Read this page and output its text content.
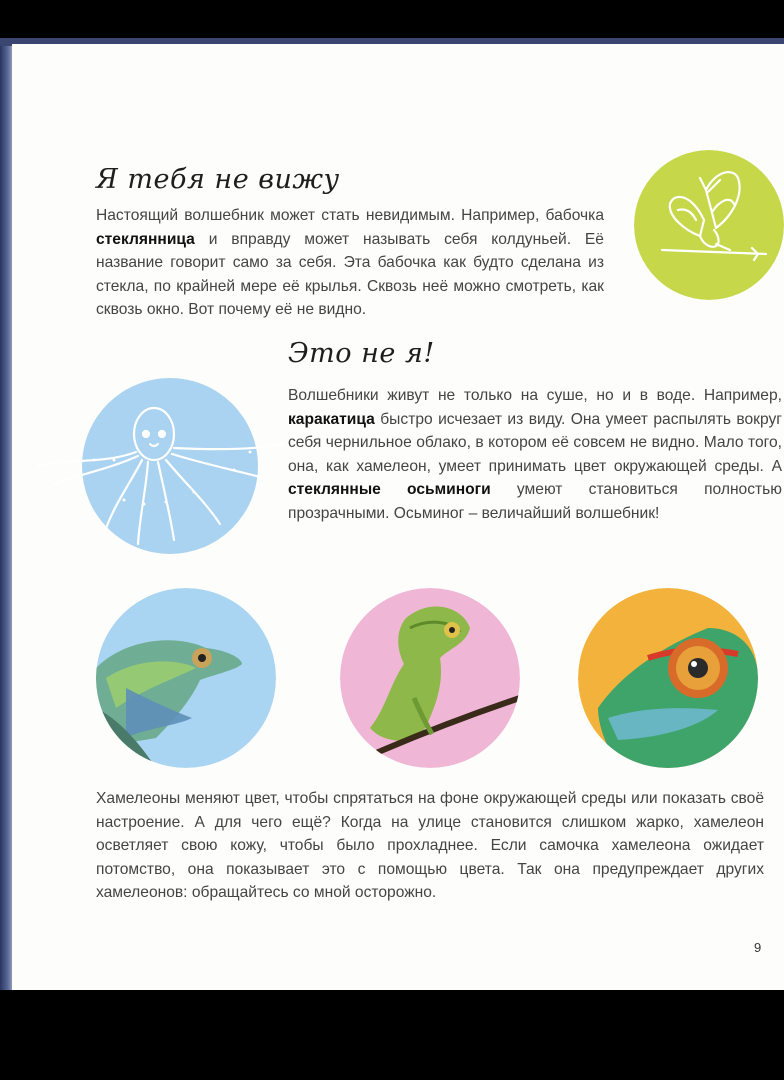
Я тебя не вижу

Настоящий волшебник может стать невидимым. Например, бабочка стеклянница и вправду может называть себя колдуньей. Её название говорит само за себя. Эта бабочка как будто сделана из стекла, по крайней мере её крылья. Сквозь неё можно смотреть, как сквозь окно. Вот почему её не видно.

Это не я!

Волшебники живут не только на суше, но и в воде. Например, каракатица быстро исчезает из виду. Она умеет распылять вокруг себя чернильное облако, в котором её совсем не видно. Мало того, она, как хамелеон, умеет принимать цвет окружающей среды. А стеклянные осьминоги умеют становиться полностью прозрачными. Осьминог – величайший волшебник!

Хамелеоны меняют цвет, чтобы спрятаться на фоне окружающей среды или показать своё настроение. А для чего ещё? Когда на улице становится слишком жарко, хамелеон осветляет свою кожу, чтобы было прохладнее. Если самочка хамелеона ожидает потомство, она показывает это с помощью цвета. Так она предупреждает других хамелеонов: обращайтесь со мной осторожно.

9
